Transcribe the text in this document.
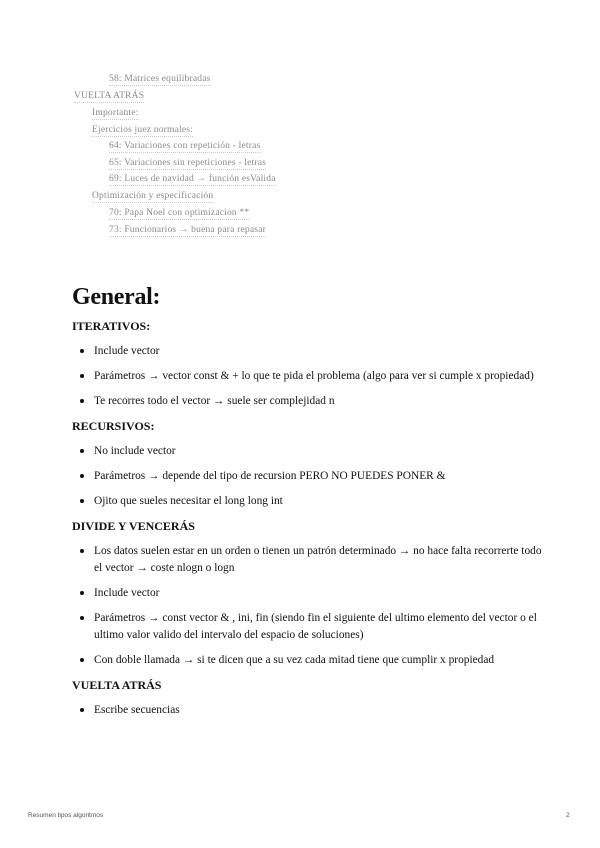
58: Matrices equilibradas
VUELTA ATRÁS
Importante:
Ejercicios juez normales:
64: Variaciones con repetición - letras
65: Variaciones sin repeticiones - letras
69: Luces de navidad → función esValida
Optimización y especificación
70: Papa Noel con optimizacion **
73: Funcionarios → buena para repasar
General:
ITERATIVOS:
Include vector
Parámetros → vector const & + lo que te pida el problema (algo para ver si cumple x propiedad)
Te recorres todo el vector → suele ser complejidad n
RECURSIVOS:
No include vector
Parámetros → depende del tipo de recursion PERO NO PUEDES PONER &
Ojito que sueles necesitar el long long int
DIVIDE Y VENCERÁS
Los datos suelen estar en un orden o tienen un patrón determinado → no hace falta recorrerte todo el vector → coste nlogn o logn
Include vector
Parámetros → const vector & , ini, fin (siendo fin el siguiente del ultimo elemento del vector o el ultimo valor valido del intervalo del espacio de soluciones)
Con doble llamada → si te dicen que a su vez cada mitad tiene que cumplir x propiedad
VUELTA ATRÁS
Escribe secuencias
Resumen tipos algoritmos	2
